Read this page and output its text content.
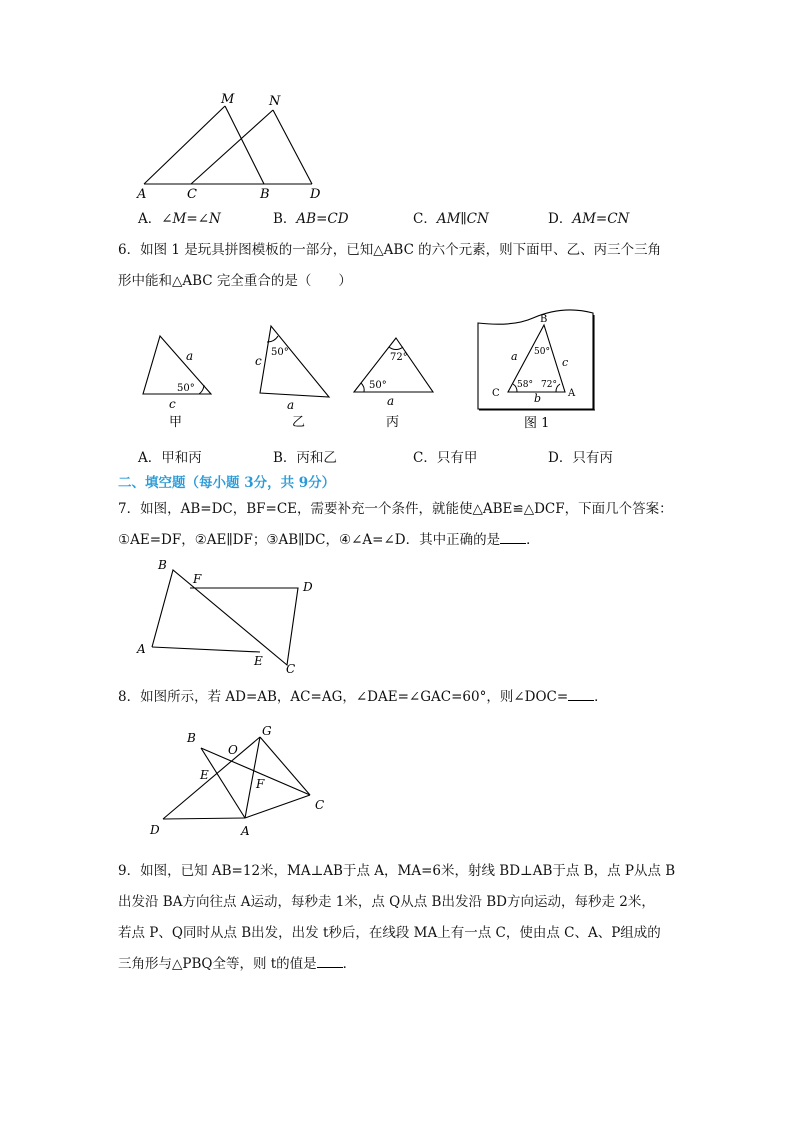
M	N
A	C	B	D
A．∠M=∠N	B．AB=CD	C．AM∥CN	D．AM=CN
6．如图 1 是玩具拼图模板的一部分，已知△ABC 的六个元素，则下面甲、乙、丙三个三角
形中能和△ABC 完全重合的是（　　）
a
50°
c
甲
c
50°
a
乙
72°
50°
a
丙
B
a 50°
c
C
58° 72°
A
b
图 1
A．甲和丙	B．丙和乙	C．只有甲	D．只有丙
二、填空题（每小题 3分，共 9分）
7．如图，AB=DC，BF=CE，需要补充一个条件，就能使△ABE≌△DCF，下面几个答案：
①AE=DF，②AE∥DF；③AB∥DC，④∠A=∠D．其中正确的是 ．
B
F
D
A
E
C
8．如图所示，若 AD=AB，AC=AG，∠DAE=∠GAC=60°，则∠DOC= ．
B
O
G
E
F
C
D	A
9．如图，已知 AB=12米，MA⊥AB于点 A，MA=6米，射线 BD⊥AB于点 B，点 P从点 B
出发沿 BA方向往点 A运动，每秒走 1米，点 Q从点 B出发沿 BD方向运动，每秒走 2米，
若点 P、Q同时从点 B出发，出发 t秒后，在线段 MA上有一点 C，使由点 C、A、P组成的
三角形与△PBQ全等，则 t的值是 ．
